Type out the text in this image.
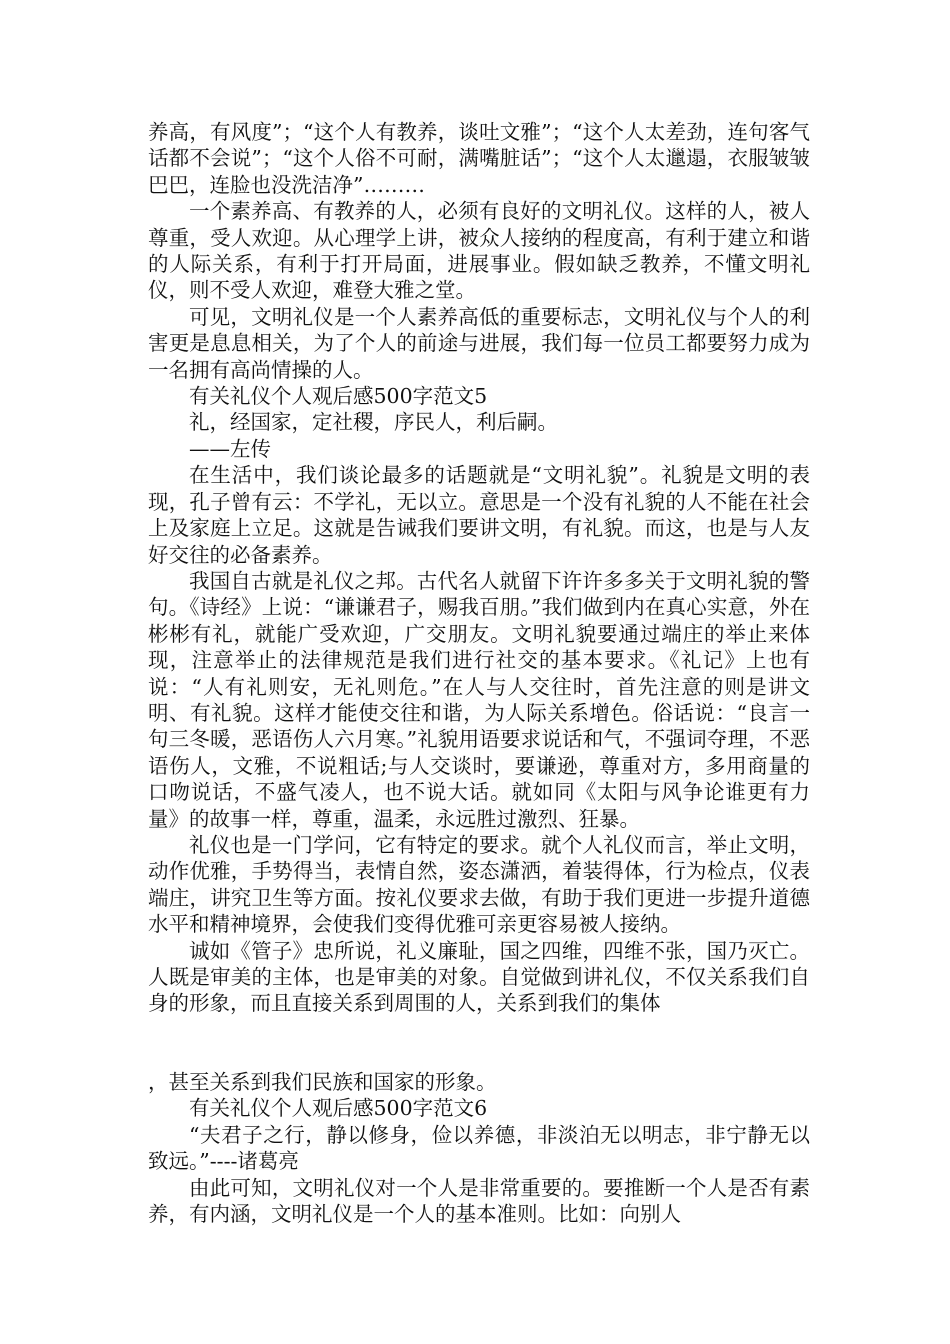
养高，有风度”；“这个人有教养，谈吐文雅”；“这个人太差劲，连句客气话都不会说”；“这个人俗不可耐，满嘴脏话”；“这个人太邋遢，衣服皱皱巴巴，连脸也没洗洁净”………

一个素养高、有教养的人，必须有良好的文明礼仪。这样的人，被人尊重，受人欢迎。从心理学上讲，被众人接纳的程度高，有利于建立和谐的人际关系，有利于打开局面，进展事业。假如缺乏教养，不懂文明礼仪，则不受人欢迎，难登大雅之堂。

可见，文明礼仪是一个人素养高低的重要标志，文明礼仪与个人的利害更是息息相关，为了个人的前途与进展，我们每一位员工都要努力成为一名拥有高尚情操的人。

有关礼仪个人观后感500字范文5

礼，经国家，定社稷，序民人，利后嗣。

——左传

在生活中，我们谈论最多的话题就是“文明礼貌”。礼貌是文明的表现，孔子曾有云：不学礼，无以立。意思是一个没有礼貌的人不能在社会上及家庭上立足。这就是告诫我们要讲文明，有礼貌。而这，也是与人友好交往的必备素养。

我国自古就是礼仪之邦。古代名人就留下许许多多关于文明礼貌的警句。《诗经》上说：“谦谦君子，赐我百朋。”我们做到内在真心实意，外在彬彬有礼，就能广受欢迎，广交朋友。文明礼貌要通过端庄的举止来体现，注意举止的法律规范是我们进行社交的基本要求。《礼记》上也有说：“人有礼则安，无礼则危。”在人与人交往时，首先注意的则是讲文明、有礼貌。这样才能使交往和谐，为人际关系增色。俗话说：“良言一句三冬暖，恶语伤人六月寒。”礼貌用语要求说话和气，不强词夺理，不恶语伤人，文雅，不说粗话;与人交谈时，要谦逊，尊重对方，多用商量的口吻说话，不盛气凌人，也不说大话。就如同《太阳与风争论谁更有力量》的故事一样，尊重，温柔，永远胜过激烈、狂暴。

礼仪也是一门学问，它有特定的要求。就个人礼仪而言，举止文明，动作优雅，手势得当，表情自然，姿态潇洒，着装得体，行为检点，仪表端庄，讲究卫生等方面。按礼仪要求去做，有助于我们更进一步提升道德水平和精神境界，会使我们变得优雅可亲更容易被人接纳。

诚如《管子》忠所说，礼义廉耻，国之四维，四维不张，国乃灭亡。人既是审美的主体，也是审美的对象。自觉做到讲礼仪，不仅关系我们自身的形象，而且直接关系到周围的人，关系到我们的集体

，甚至关系到我们民族和国家的形象。

有关礼仪个人观后感500字范文6

“夫君子之行，静以修身，俭以养德，非淡泊无以明志，非宁静无以致远。”----诸葛亮

由此可知，文明礼仪对一个人是非常重要的。要推断一个人是否有素养，有内涵，文明礼仪是一个人的基本准则。比如：向别人
